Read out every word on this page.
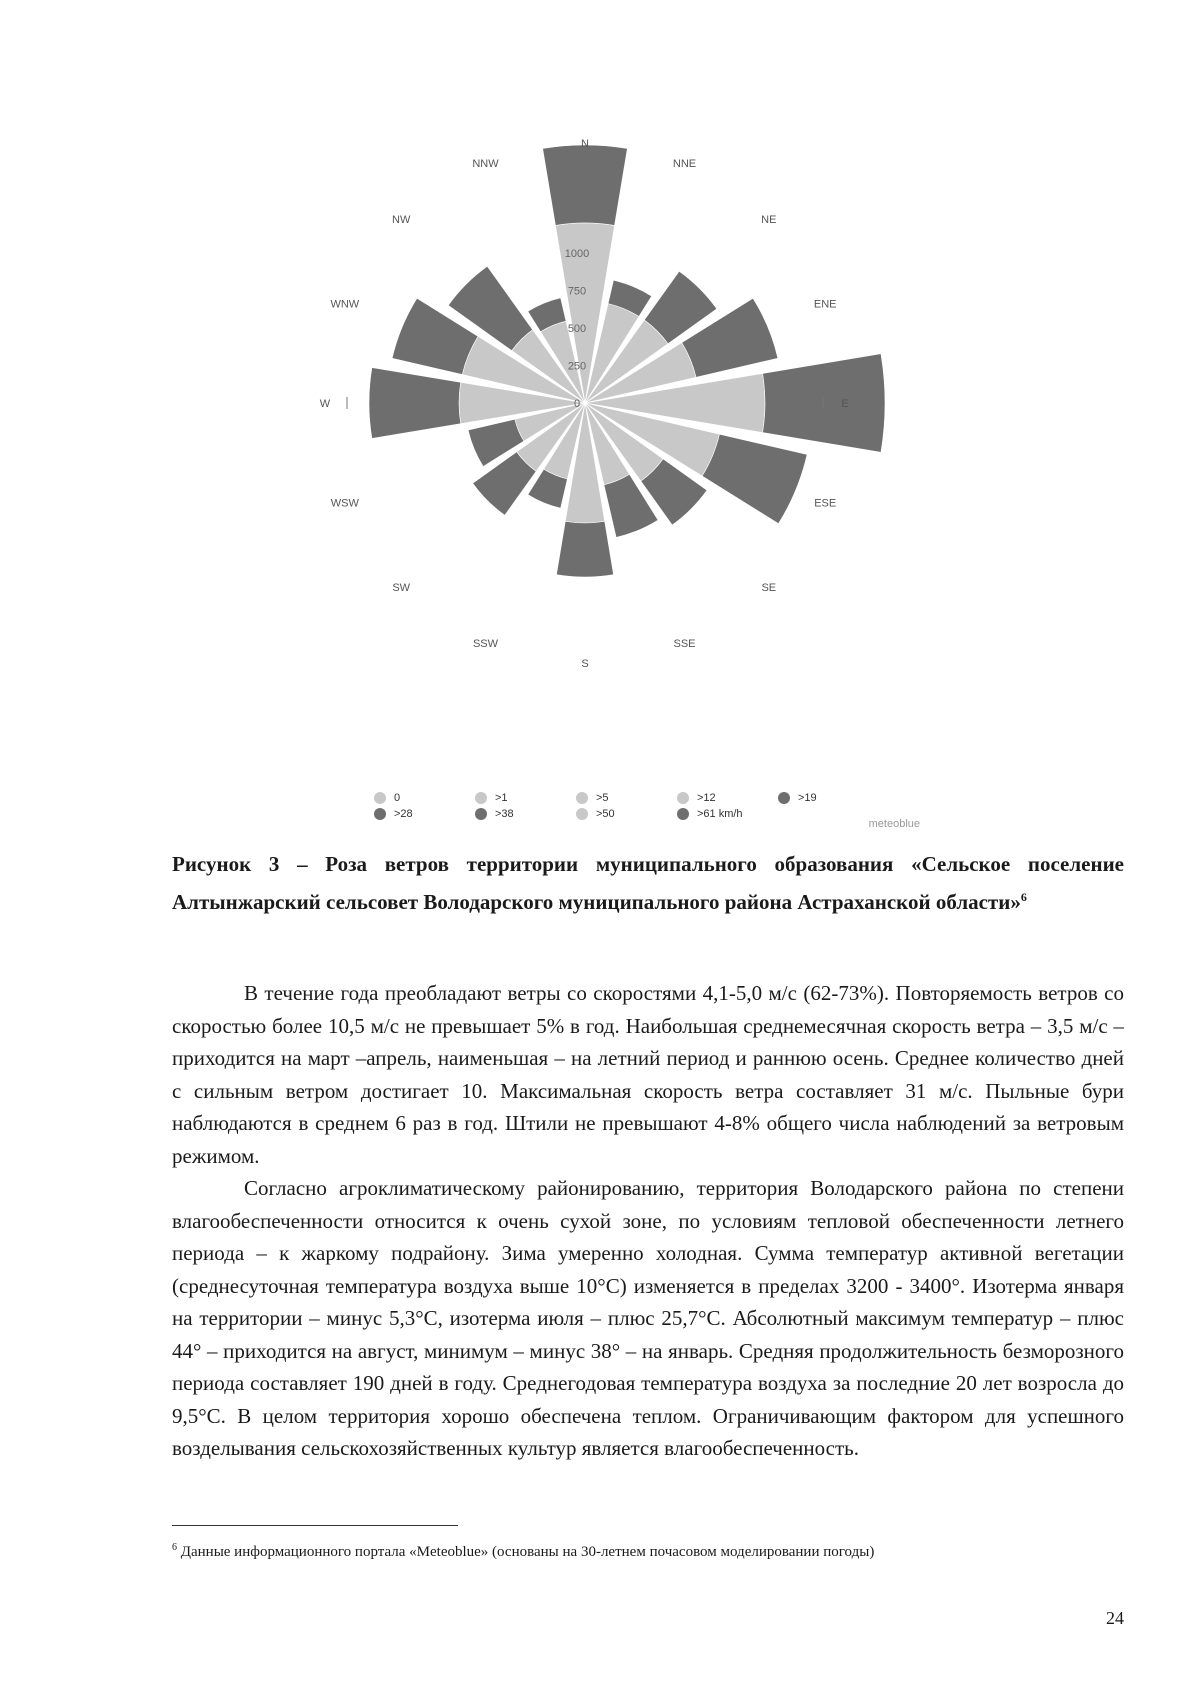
0
250
500
750
1000
N
NNE
NE
ENE
E
ESE
SE
SSE
S
SSW
SW
WSW
W
WNW
NW
NNW
0	>1	>5	>12	>19
>28	>38	>50	>61 km/h
meteoblue

Рисунок 3 – Роза ветров территории муниципального образования «Сельское поселение Алтынжарский сельсовет Володарского муниципального района Астраханской области»$^6$

В течение года преобладают ветры со скоростями 4,1-5,0 м/с (62-73%). Повторяемость ветров со скоростью более 10,5 м/с не превышает 5% в год. Наибольшая среднемесячная скорость ветра – 3,5 м/с – приходится на март –апрель, наименьшая – на летний период и раннюю осень. Среднее количество дней с сильным ветром достигает 10. Максимальная скорость ветра составляет 31 м/с. Пыльные бури наблюдаются в среднем 6 раз в год. Штили не превышают 4-8% общего числа наблюдений за ветровым режимом.

Согласно агроклиматическому районированию, территория Володарского района по степени влагообеспеченности относится к очень сухой зоне, по условиям тепловой обеспеченности летнего периода – к жаркому подрайону. Зима умеренно холодная. Сумма температур активной вегетации (среднесуточная температура воздуха выше 10°С) изменяется в пределах 3200 - 3400°. Изотерма января на территории – минус 5,3°С, изотерма июля – плюс 25,7°С. Абсолютный максимум температур – плюс 44° – приходится на август, минимум – минус 38° – на январь. Средняя продолжительность безморозного периода составляет 190 дней в году. Среднегодовая температура воздуха за последние 20 лет возросла до 9,5°С. В целом территория хорошо обеспечена теплом. Ограничивающим фактором для успешного возделывания сельскохозяйственных культур является влагообеспеченность.

$^6$ Данные информационного портала «Meteoblue» (основаны на 30-летнем почасовом моделировании погоды)

24
